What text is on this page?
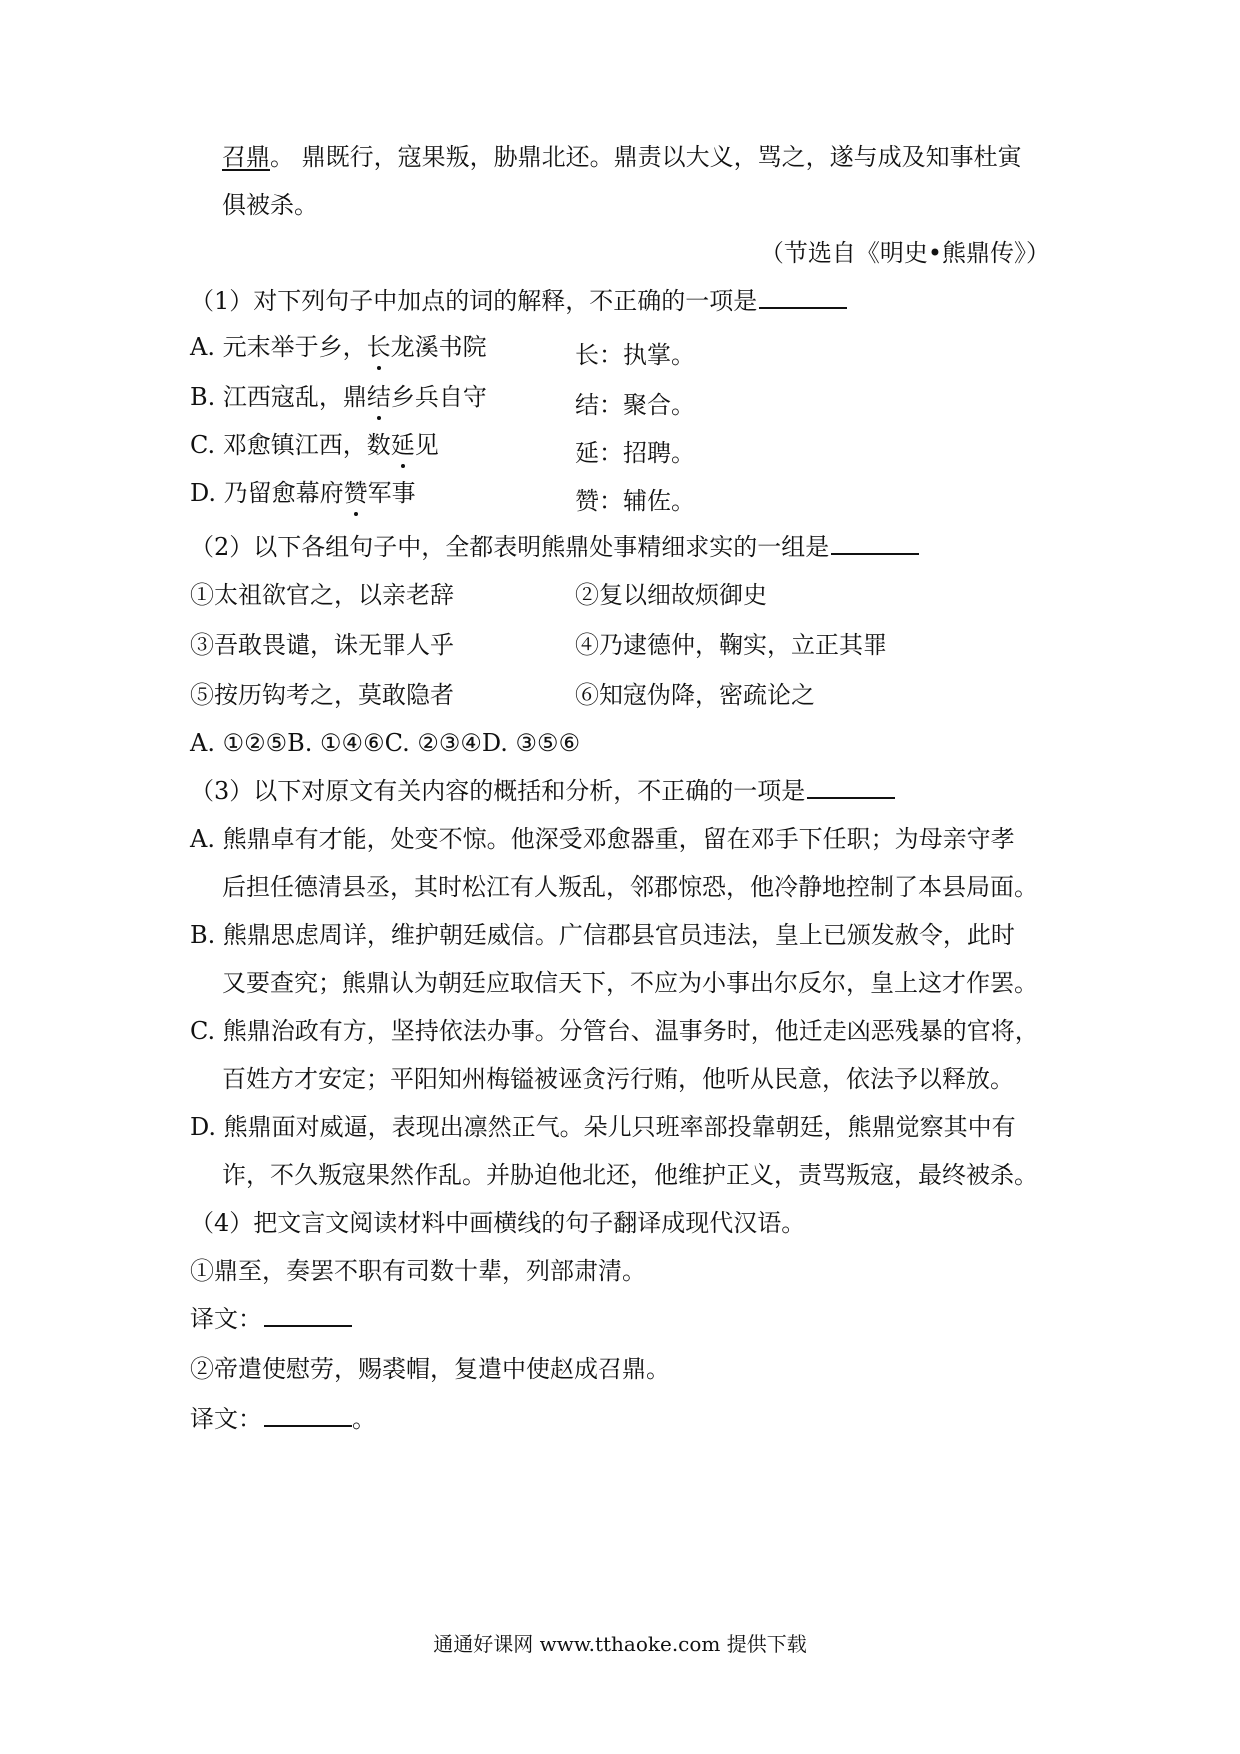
召鼎。 鼎既行，寇果叛，胁鼎北还。鼎责以大义，骂之，遂与成及知事杜寅
俱被杀。
（节选自《明史•熊鼎传》）
（1）对下列句子中加点的词的解释，不正确的一项是
A. 元末举于乡，长龙溪书院	长：执掌。
B. 江西寇乱，鼎结乡兵自守	结：聚合。
C. 邓愈镇江西，数延见	延：招聘。
D. 乃留愈幕府赞军事	赞：辅佐。
（2）以下各组句子中，全都表明熊鼎处事精细求实的一组是
①太祖欲官之，以亲老辞	②复以细故烦御史
③吾敢畏谴，诛无罪人乎	④乃逮德仲，鞠实，立正其罪
⑤按历钩考之，莫敢隐者	⑥知寇伪降，密疏论之
A. ①②⑤B. ①④⑥C. ②③④D. ③⑤⑥
（3）以下对原文有关内容的概括和分析，不正确的一项是
A. 熊鼎卓有才能，处变不惊。他深受邓愈器重，留在邓手下任职；为母亲守孝
后担任德清县丞，其时松江有人叛乱，邻郡惊恐，他冷静地控制了本县局面。
B. 熊鼎思虑周详，维护朝廷威信。广信郡县官员违法，皇上已颁发赦令，此时
又要查究；熊鼎认为朝廷应取信天下，不应为小事出尔反尔，皇上这才作罢。
C. 熊鼎治政有方，坚持依法办事。分管台、温事务时，他迁走凶恶残暴的官将，
百姓方才安定；平阳知州梅镒被诬贪污行贿，他听从民意，依法予以释放。
D. 熊鼎面对威逼，表现出凛然正气。朵儿只班率部投靠朝廷，熊鼎觉察其中有
诈，不久叛寇果然作乱。并胁迫他北还，他维护正义，责骂叛寇，最终被杀。
（4）把文言文阅读材料中画横线的句子翻译成现代汉语。
①鼎至，奏罢不职有司数十辈，列部肃清。
译文：
②帝遣使慰劳，赐裘帽，复遣中使赵成召鼎。
译文：	。
通通好课网 www.tthaoke.com 提供下载
